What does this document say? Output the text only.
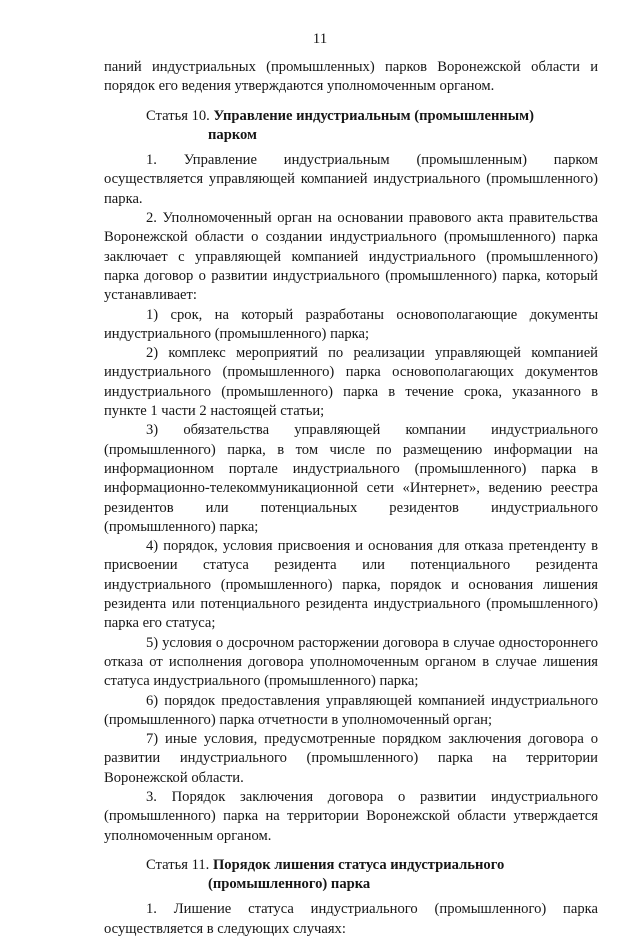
11

паний индустриальных (промышленных) парков Воронежской области и порядок его ведения утверждаются уполномоченным органом.

Статья 10. Управление индустриальным (промышленным)
парком

1. Управление индустриальным (промышленным) парком осуществляется управляющей компанией индустриального (промышленного) парка.

2. Уполномоченный орган на основании правового акта правительства Воронежской области о создании индустриального (промышленного) парка заключает с управляющей компанией индустриального (промышленного) парка договор о развитии индустриального (промышленного) парка, который устанавливает:

1) срок, на который разработаны основополагающие документы индустриального (промышленного) парка;

2) комплекс мероприятий по реализации управляющей компанией индустриального (промышленного) парка основополагающих документов индустриального (промышленного) парка в течение срока, указанного в пункте 1 части 2 настоящей статьи;

3) обязательства управляющей компании индустриального (промышленного) парка, в том числе по размещению информации на информационном портале индустриального (промышленного) парка в информационно-телекоммуникационной сети «Интернет», ведению реестра резидентов или потенциальных резидентов индустриального (промышленного) парка;

4) порядок, условия присвоения и основания для отказа претенденту в присвоении статуса резидента или потенциального резидента индустриального (промышленного) парка, порядок и основания лишения резидента или потенциального резидента индустриального (промышленного) парка его статуса;

5) условия о досрочном расторжении договора в случае одностороннего отказа от исполнения договора уполномоченным органом в случае лишения статуса индустриального (промышленного) парка;

6) порядок предоставления управляющей компанией индустриального (промышленного) парка отчетности в уполномоченный орган;

7) иные условия, предусмотренные порядком заключения договора о развитии индустриального (промышленного) парка на территории Воронежской области.

3. Порядок заключения договора о развитии индустриального (промышленного) парка на территории Воронежской области утверждается уполномоченным органом.

Статья 11. Порядок лишения статуса индустриального
(промышленного) парка

1. Лишение статуса индустриального (промышленного) парка осуществляется в следующих случаях:
